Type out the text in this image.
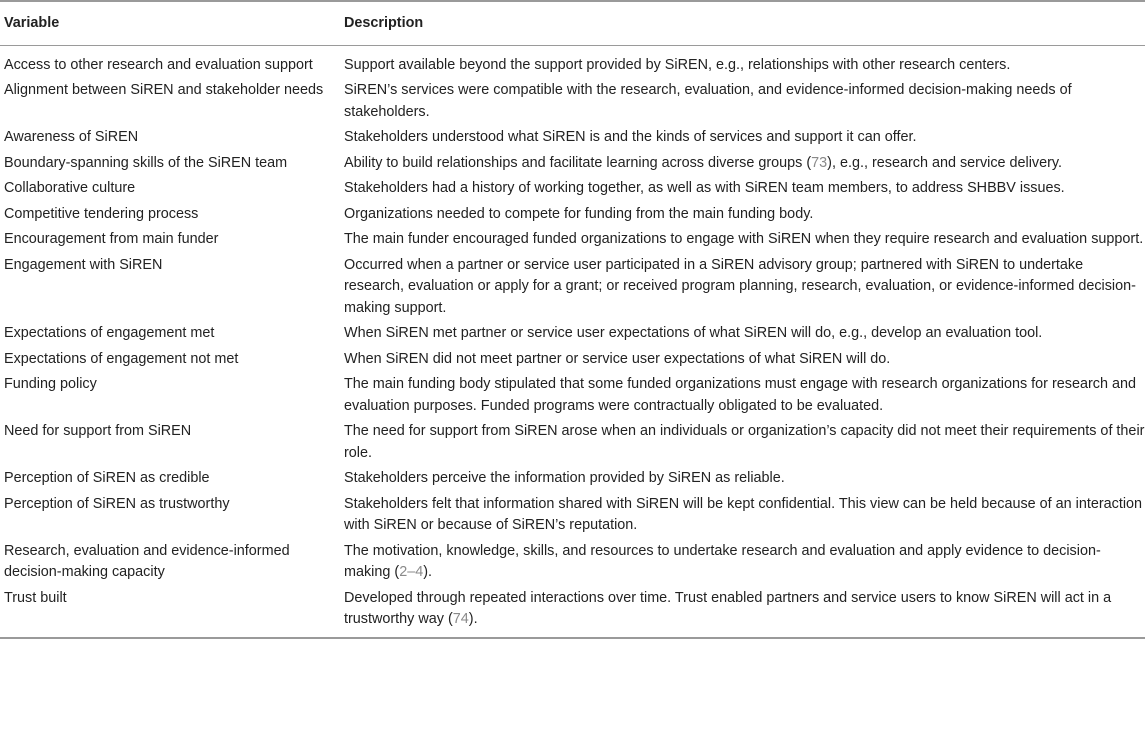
Variable	Description
Access to other research and evaluation support	Support available beyond the support provided by SiREN, e.g., relationships with other research centers.
Alignment between SiREN and stakeholder needs	SiREN’s services were compatible with the research, evaluation, and evidence-informed decision-making needs of stakeholders.
Awareness of SiREN	Stakeholders understood what SiREN is and the kinds of services and support it can offer.
Boundary-spanning skills of the SiREN team	Ability to build relationships and facilitate learning across diverse groups (73), e.g., research and service delivery.
Collaborative culture	Stakeholders had a history of working together, as well as with SiREN team members, to address SHBBV issues.
Competitive tendering process	Organizations needed to compete for funding from the main funding body.
Encouragement from main funder	The main funder encouraged funded organizations to engage with SiREN when they require research and evaluation support.
Engagement with SiREN	Occurred when a partner or service user participated in a SiREN advisory group; partnered with SiREN to undertake research, evaluation or apply for a grant; or received program planning, research, evaluation, or evidence-informed decision-making support.
Expectations of engagement met	When SiREN met partner or service user expectations of what SiREN will do, e.g., develop an evaluation tool.
Expectations of engagement not met	When SiREN did not meet partner or service user expectations of what SiREN will do.
Funding policy	The main funding body stipulated that some funded organizations must engage with research organizations for research and evaluation purposes. Funded programs were contractually obligated to be evaluated.
Need for support from SiREN	The need for support from SiREN arose when an individuals or organization’s capacity did not meet their requirements of their role.
Perception of SiREN as credible	Stakeholders perceive the information provided by SiREN as reliable.
Perception of SiREN as trustworthy	Stakeholders felt that information shared with SiREN will be kept confidential. This view can be held because of an interaction with SiREN or because of SiREN’s reputation.
Research, evaluation and evidence-informed decision-making capacity	The motivation, knowledge, skills, and resources to undertake research and evaluation and apply evidence to decision-making (2–4).
Trust built	Developed through repeated interactions over time. Trust enabled partners and service users to know SiREN will act in a trustworthy way (74).
